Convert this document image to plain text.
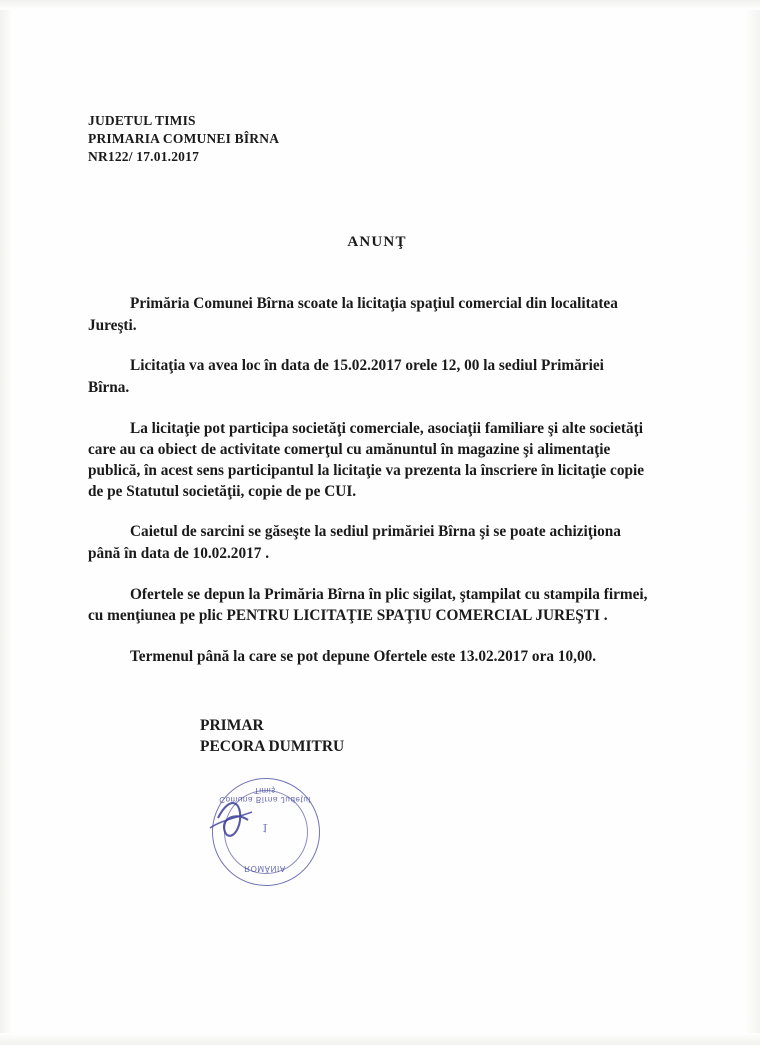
JUDETUL TIMIS
PRIMARIA COMUNEI BÎRNA
NR122/ 17.01.2017
ANUNŢ

Primăria Comunei Bîrna scoate la licitaţia spaţiul comercial din localitatea Jureşti.

Licitaţia va avea loc în data de 15.02.2017 orele 12, 00 la sediul Primăriei Bîrna.

La licitaţie pot participa societăţi comerciale, asociaţii familiare şi alte societăţi care au ca obiect de activitate comerţul cu amănuntul în magazine şi alimentaţie publică, în acest sens participantul la licitaţie va prezenta la înscriere în licitaţie copie de pe Statutul societăţii, copie de pe CUI.

Caietul de sarcini se găseşte la sediul primăriei Bîrna şi se poate achiziţiona până în data de 10.02.2017 .

Ofertele se depun la Primăria Bîrna în plic sigilat, ştampilat cu stampila firmei, cu menţiunea pe plic PENTRU LICITAŢIE SPAŢIU COMERCIAL JUREŞTI .

Termenul până la care se pot depune Ofertele este 13.02.2017 ora 10,00.

PRIMAR
PECORA DUMITRU
Comuna Bîrna Judeţul Timiş
1
ROMÂNIA
